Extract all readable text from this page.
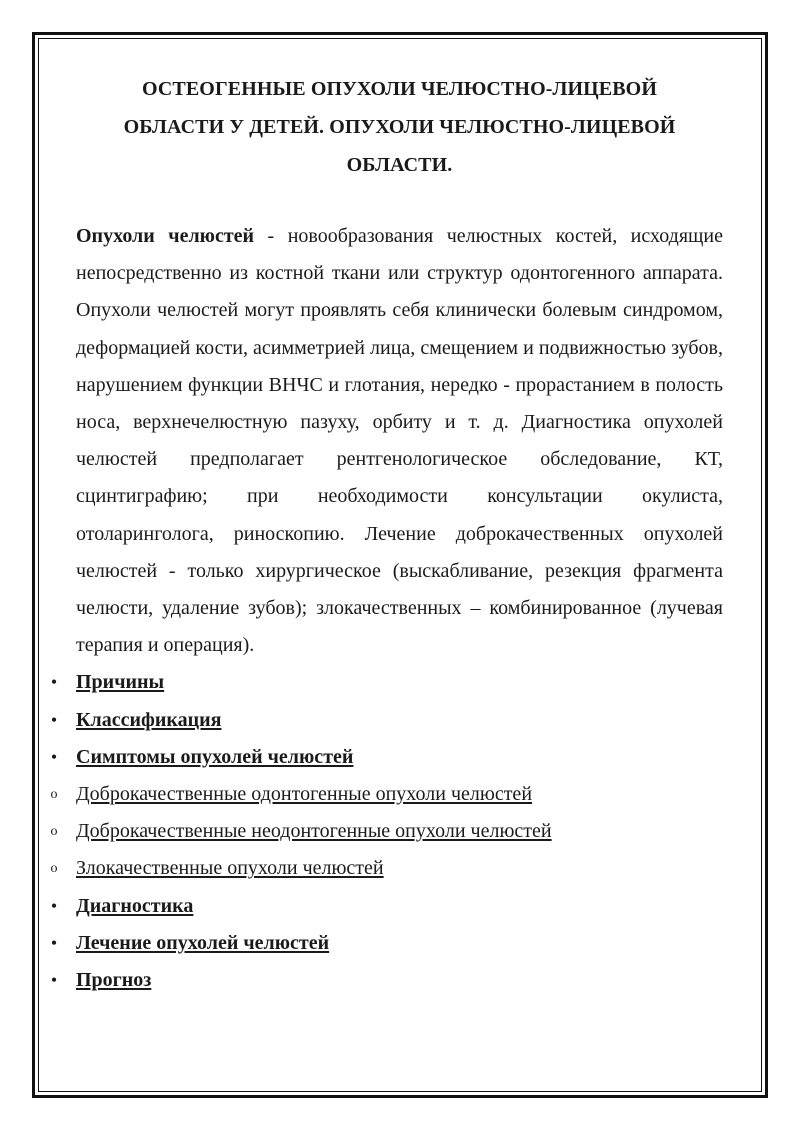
ОСТЕОГЕННЫЕ ОПУХОЛИ ЧЕЛЮСТНО-ЛИЦЕВОЙ
ОБЛАСТИ У ДЕТЕЙ. ОПУХОЛИ ЧЕЛЮСТНО-ЛИЦЕВОЙ
ОБЛАСТИ.

Опухоли челюстей - новообразования челюстных костей, исходящие непосредственно из костной ткани или структур одонтогенного аппарата. Опухоли челюстей могут проявлять себя клинически болевым синдромом, деформацией кости, асимметрией лица, смещением и подвижностью зубов, нарушением функции ВНЧС и глотания, нередко - прорастанием в полость носа, верхнечелюстную пазуху, орбиту и т. д. Диагностика опухолей челюстей предполагает рентгенологическое обследование, КТ, сцинтиграфию; при необходимости консультации окулиста, отоларинголога, риноскопию. Лечение доброкачественных опухолей челюстей - только хирургическое (выскабливание, резекция фрагмента челюсти, удаление зубов); злокачественных – комбинированное (лучевая терапия и операция).

• Причины
• Классификация
• Симптомы опухолей челюстей
o Доброкачественные одонтогенные опухоли челюстей
o Доброкачественные неодонтогенные опухоли челюстей
o Злокачественные опухоли челюстей
• Диагностика
• Лечение опухолей челюстей
• Прогноз
